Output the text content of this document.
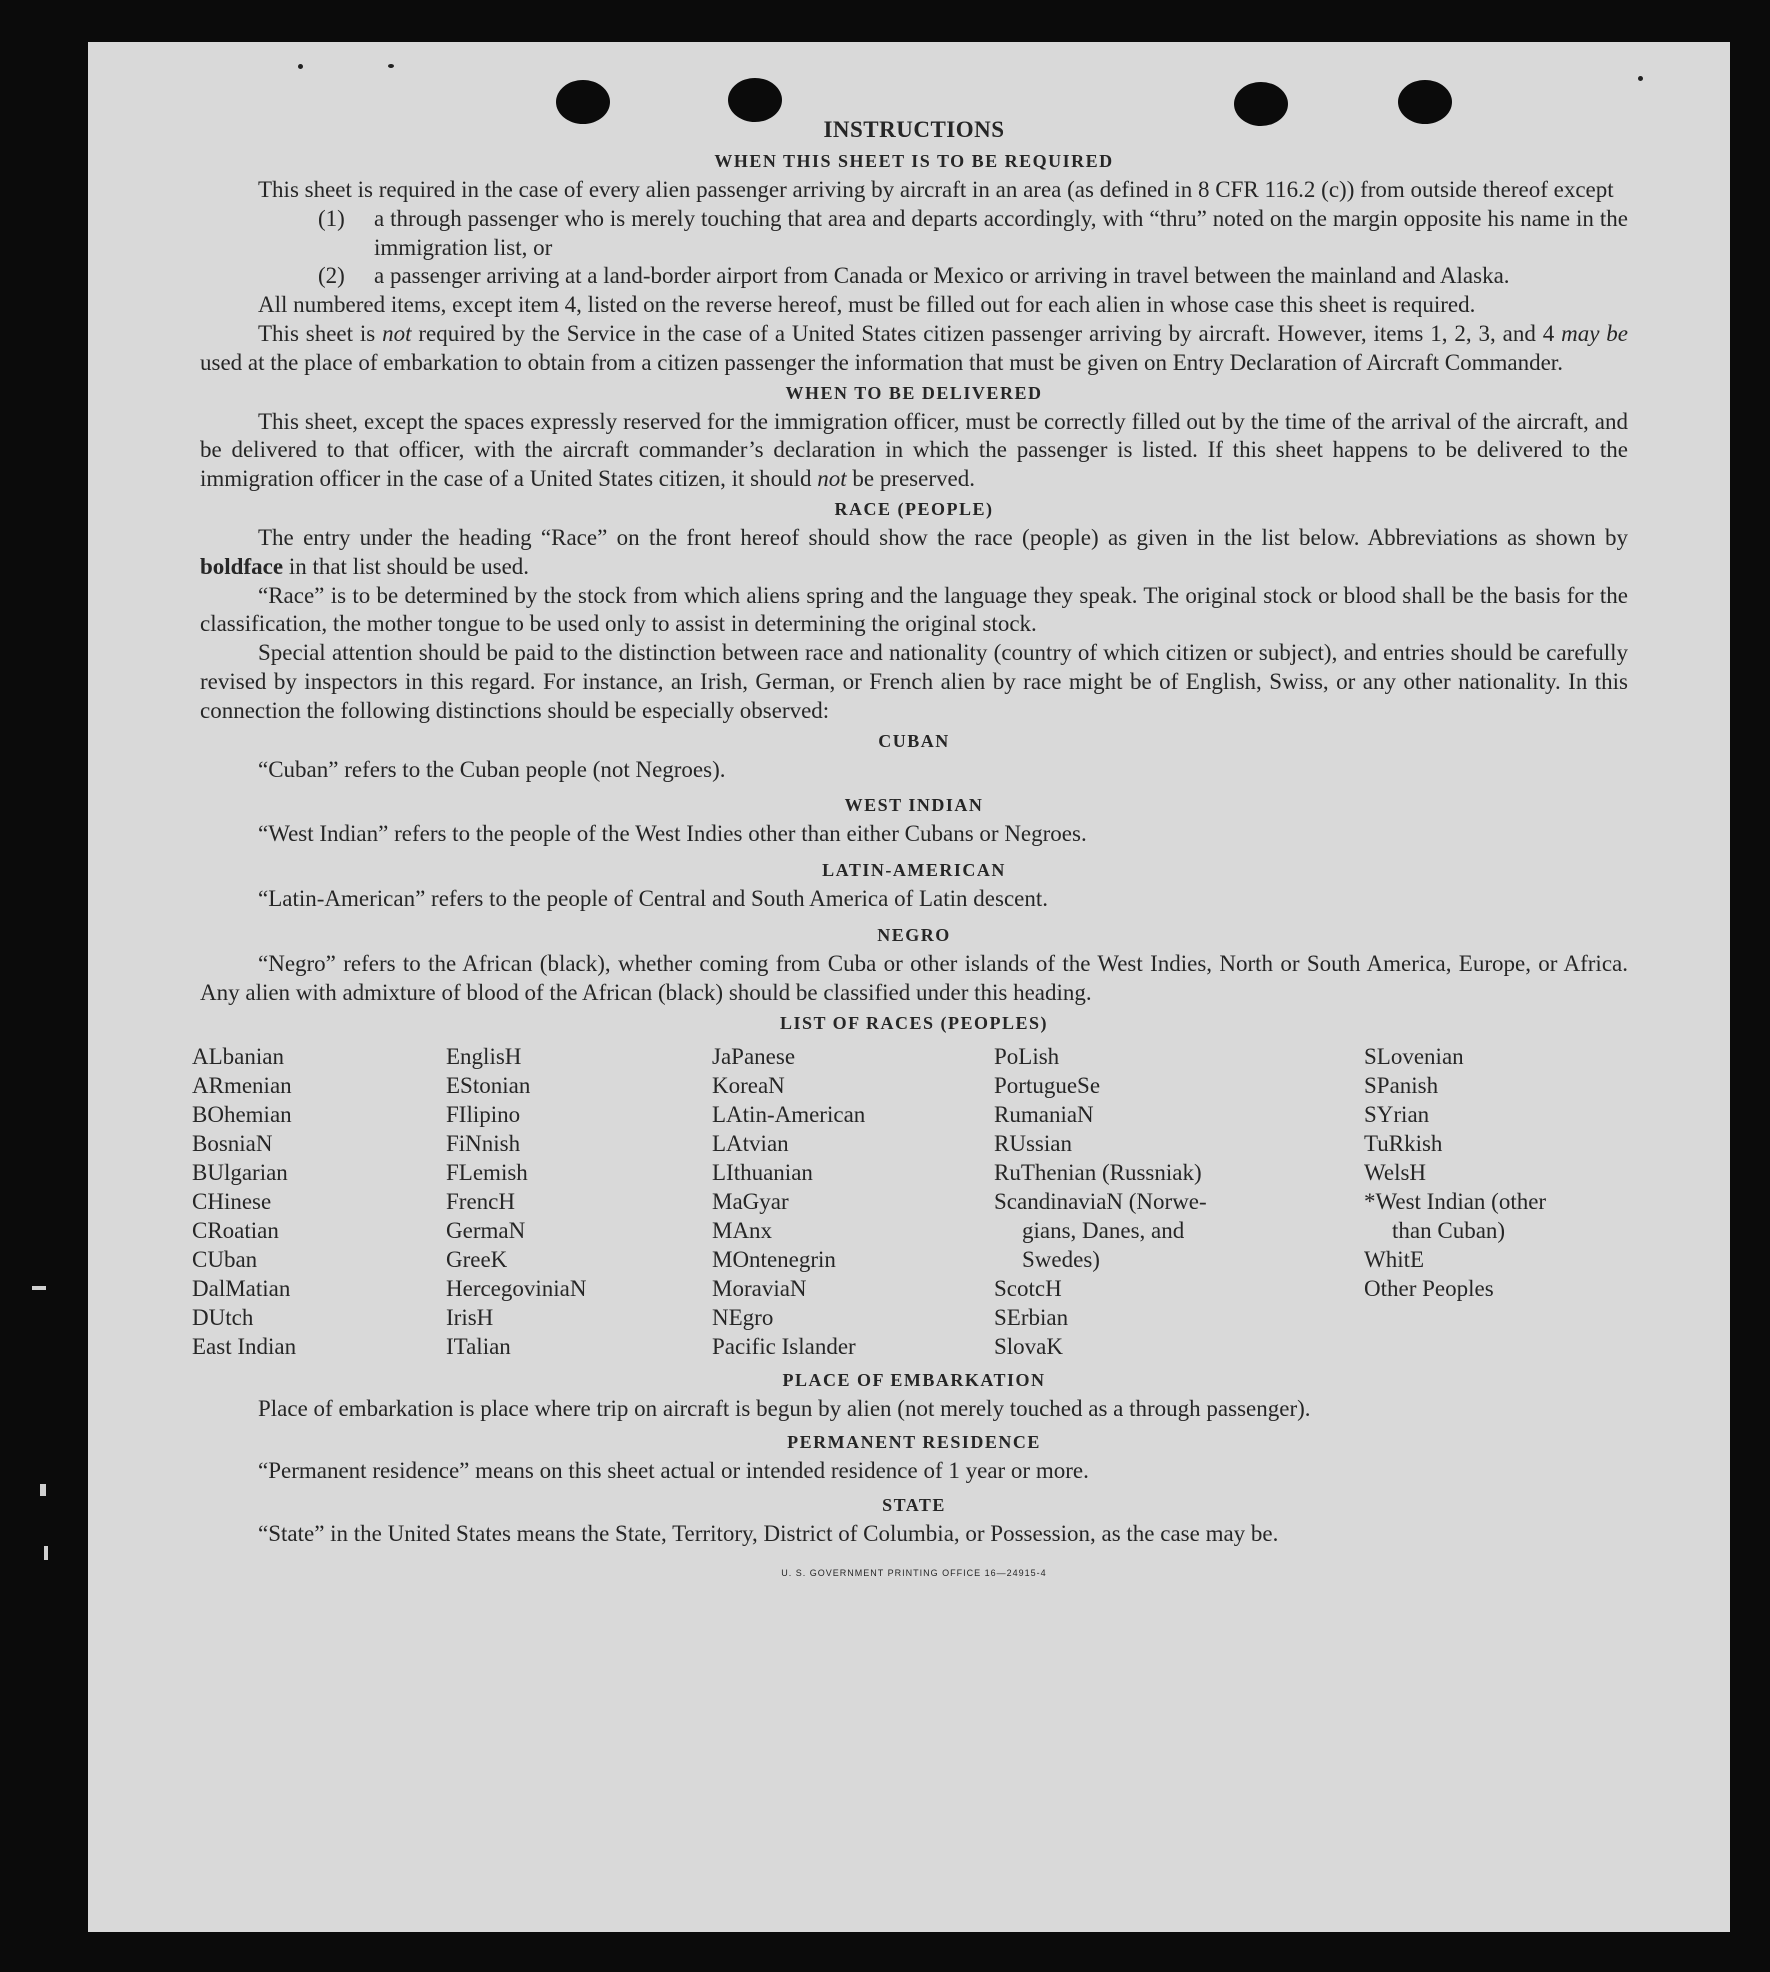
INSTRUCTIONS
WHEN THIS SHEET IS TO BE REQUIRED

This sheet is required in the case of every alien passenger arriving by aircraft in an area (as defined in 8 CFR 116.2 (c)) from outside thereof except

(1)	a through passenger who is merely touching that area and departs accordingly, with “thru” noted on the margin opposite his name in the immigration list, or
(2)	a passenger arriving at a land-border airport from Canada or Mexico or arriving in travel between the mainland and Alaska.

All numbered items, except item 4, listed on the reverse hereof, must be filled out for each alien in whose case this sheet is required.

This sheet is not required by the Service in the case of a United States citizen passenger arriving by aircraft. However, items 1, 2, 3, and 4 may be used at the place of embarkation to obtain from a citizen passenger the information that must be given on Entry Declaration of Aircraft Commander.

WHEN TO BE DELIVERED

This sheet, except the spaces expressly reserved for the immigration officer, must be correctly filled out by the time of the arrival of the aircraft, and be delivered to that officer, with the aircraft commander’s declaration in which the passenger is listed. If this sheet happens to be delivered to the immigration officer in the case of a United States citizen, it should not be preserved.

RACE (PEOPLE)

The entry under the heading “Race” on the front hereof should show the race (people) as given in the list below. Abbreviations as shown by boldface in that list should be used.

“Race” is to be determined by the stock from which aliens spring and the language they speak. The original stock or blood shall be the basis for the classification, the mother tongue to be used only to assist in determining the original stock.

Special attention should be paid to the distinction between race and nationality (country of which citizen or subject), and entries should be carefully revised by inspectors in this regard. For instance, an Irish, German, or French alien by race might be of English, Swiss, or any other nationality. In this connection the following distinctions should be especially observed:

CUBAN

“Cuban” refers to the Cuban people (not Negroes).

WEST INDIAN

“West Indian” refers to the people of the West Indies other than either Cubans or Negroes.

LATIN-AMERICAN

“Latin-American” refers to the people of Central and South America of Latin descent.

NEGRO

“Negro” refers to the African (black), whether coming from Cuba or other islands of the West Indies, North or South America, Europe, or Africa. Any alien with admixture of blood of the African (black) should be classified under this heading.

LIST OF RACES (PEOPLES)
ALbanian
ARmenian
BOhemian
BosniaN
BUlgarian
CHinese
CRoatian
CUban
DalMatian
DUtch
East Indian
EnglisH
EStonian
FIlipino
FiNnish
FLemish
FrencH
GermaN
GreeK
HercegoviniaN
IrisH
ITalian
JaPanese
KoreaN
LAtin-American
LAtvian
LIthuanian
MaGyar
MAnx
MOntenegrin
MoraviaN
NEgro
Pacific Islander
PoLish
PortugueSe
RumaniaN
RUssian
RuThenian (Russniak)
ScandinaviaN (Norwe-
gians, Danes, and
Swedes)
ScotcH
SErbian
SlovaK
SLovenian
SPanish
SYrian
TuRkish
WelsH
*West Indian (other
than Cuban)
WhitE
Other Peoples
PLACE OF EMBARKATION

Place of embarkation is place where trip on aircraft is begun by alien (not merely touched as a through passenger).

PERMANENT RESIDENCE

“Permanent residence” means on this sheet actual or intended residence of 1 year or more.

STATE

“State” in the United States means the State, Territory, District of Columbia, or Possession, as the case may be.

U. S. GOVERNMENT PRINTING OFFICE 16—24915-4
